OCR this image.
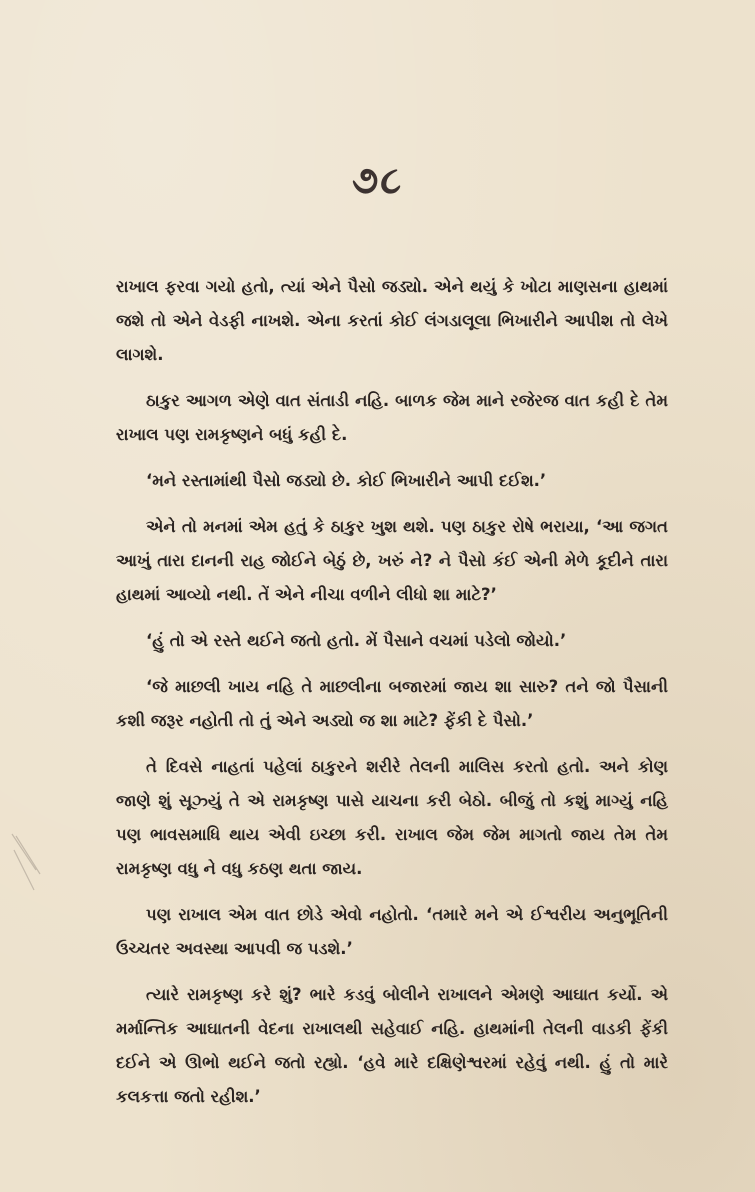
૭૮

રાખાલ ફરવા ગયો હતો, ત્યાં એને પૈસો જડ્યો. એને થયું કે ખોટા માણસના હાથમાં જશે તો એને વેડફી નાખશે. એના કરતાં કોઈ લંગડાલૂલા ભિખારીને આપીશ તો લેખે લાગશે.

ઠાકુર આગળ એણે વાત સંતાડી નહિ. બાળક જેમ માને રજેરજ વાત કહી દે તેમ રાખાલ પણ રામકૃષ્ણને બધું કહી દે.

‘મને રસ્તામાંથી પૈસો જડ્યો છે. કોઈ ભિખારીને આપી દઈશ.’

એને તો મનમાં એમ હતું કે ઠાકુર ખુશ થશે. પણ ઠાકુર રોષે ભરાયા, ‘આ જગત આખું તારા દાનની રાહ જોઈને બેઠું છે, ખરું ને? ને પૈસો કંઈ એની મેળે કૂદીને તારા હાથમાં આવ્યો નથી. તેં એને નીચા વળીને લીધો શા માટે?’

‘હું તો એ રસ્તે થઈને જતો હતો. મેં પૈસાને વચમાં પડેલો જોયો.’

‘જે માછલી ખાય નહિ તે માછલીના બજારમાં જાય શા સારુ? તને જો પૈસાની કશી જરૂર નહોતી તો તું એને અડ્યો જ શા માટે? ફેંકી દે પૈસો.’

તે દિવસે નાહતાં પહેલાં ઠાકુરને શરીરે તેલની માલિસ કરતો હતો. અને કોણ જાણે શું સૂઝ્યું તે એ રામકૃષ્ણ પાસે યાચના કરી બેઠો. બીજું તો કશું માગ્યું નહિ પણ ભાવસમાધિ થાય એવી ઇચ્છા કરી. રાખાલ જેમ જેમ માગતો જાય તેમ તેમ રામકૃષ્ણ વધુ ને વધુ કઠણ થતા જાય.

પણ રાખાલ એમ વાત છોડે એવો નહોતો. ‘તમારે મને એ ઈશ્વરીય અનુભૂતિની ઉચ્ચતર અવસ્થા આપવી જ પડશે.’

ત્યારે રામકૃષ્ણ કરે શું? ભારે કડવું બોલીને રાખાલને એમણે આઘાત કર્યો. એ મર્માન્તિક આઘાતની વેદના રાખાલથી સહેવાઈ નહિ. હાથમાંની તેલની વાડકી ફેંકી દઈને એ ઊભો થઈને જતો રહ્યો. ‘હવે મારે દક્ષિણેશ્વરમાં રહેવું નથી. હું તો મારે કલકત્તા જતો રહીશ.’
